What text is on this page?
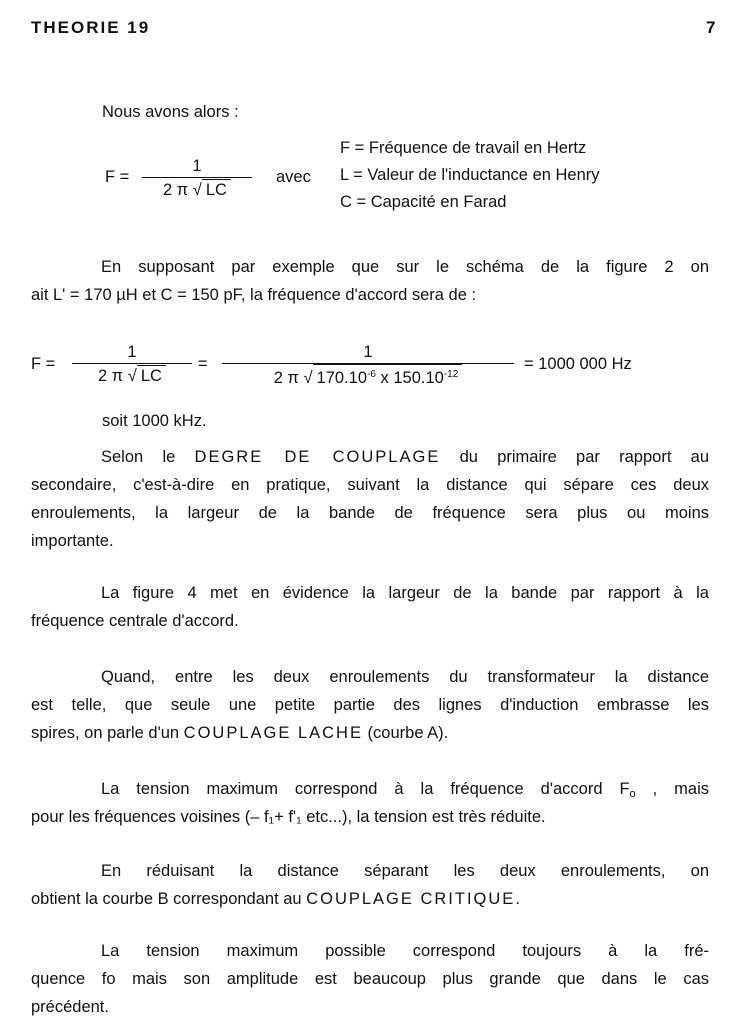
THEORIE 19	7
Nous avons alors :
F =
1
2 π √ LC
avec
F = Fréquence de travail en Hertz
L = Valeur de l'inductance en Henry
C = Capacité en Farad
En supposant par exemple que sur le schéma de la figure 2 on
ait L' = 170 µH et C = 150 pF, la fréquence d'accord sera de :
F =
1
2 π √ LC
=
1
2 π √ $170.10^{-6}$ x $150.10^{-12}$
= 1000 000 Hz
soit 1000 kHz.
Selon le DEGRE DE COUPLAGE du primaire par rapport au
secondaire, c'est-à-dire en pratique, suivant la distance qui sépare ces deux
enroulements, la largeur de la bande de fréquence sera plus ou moins
importante.
La figure 4 met en évidence la largeur de la bande par rapport à la
fréquence centrale d'accord.
Quand, entre les deux enroulements du transformateur la distance
est telle, que seule une petite partie des lignes d'induction embrasse les
spires, on parle d'un COUPLAGE LACHE (courbe A).
La tension maximum correspond à la fréquence d'accord $F_o$ , mais
pour les fréquences voisines (– f₁+ f'₁ etc...), la tension est très réduite.
En réduisant la distance séparant les deux enroulements, on
obtient la courbe B correspondant au COUPLAGE CRITIQUE.
La tension maximum possible correspond toujours à la fré-
quence fo mais son amplitude est beaucoup plus grande que dans le cas
précédent.
